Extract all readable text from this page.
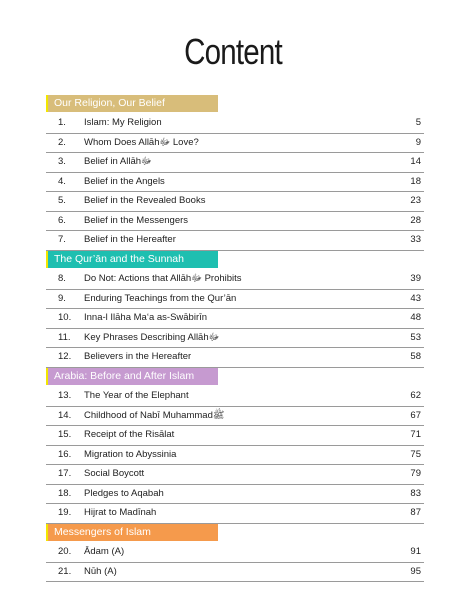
Content
Our Religion, Our Belief
1. Islam: My Religion	5
2. Whom Does Allāhﷻ Love?	9
3. Belief in Allāhﷻ	14
4. Belief in the Angels	18
5. Belief in the Revealed Books	23
6. Belief in the Messengers	28
7. Belief in the Hereafter	33
The Qur’ān and the Sunnah
8. Do Not: Actions that Allāhﷻ Prohibits	39
9. Enduring Teachings from the Qur’ān	43
10. Inna-l Ilāha Ma‘a as-Swābirīn	48
11. Key Phrases Describing Allāhﷻ	53
12. Believers in the Hereafter	58
Arabia: Before and After Islam
13. The Year of the Elephant	62
14. Childhood of Nabī Muhammadﷺ	67
15. Receipt of the Risālat	71
16. Migration to Abyssinia	75
17. Social Boycott	79
18. Pledges to Aqabah	83
19. Hijrat to Madīnah	87
Messengers of Islam
20. Ādam (A)	91
21. Nūh (A)	95
